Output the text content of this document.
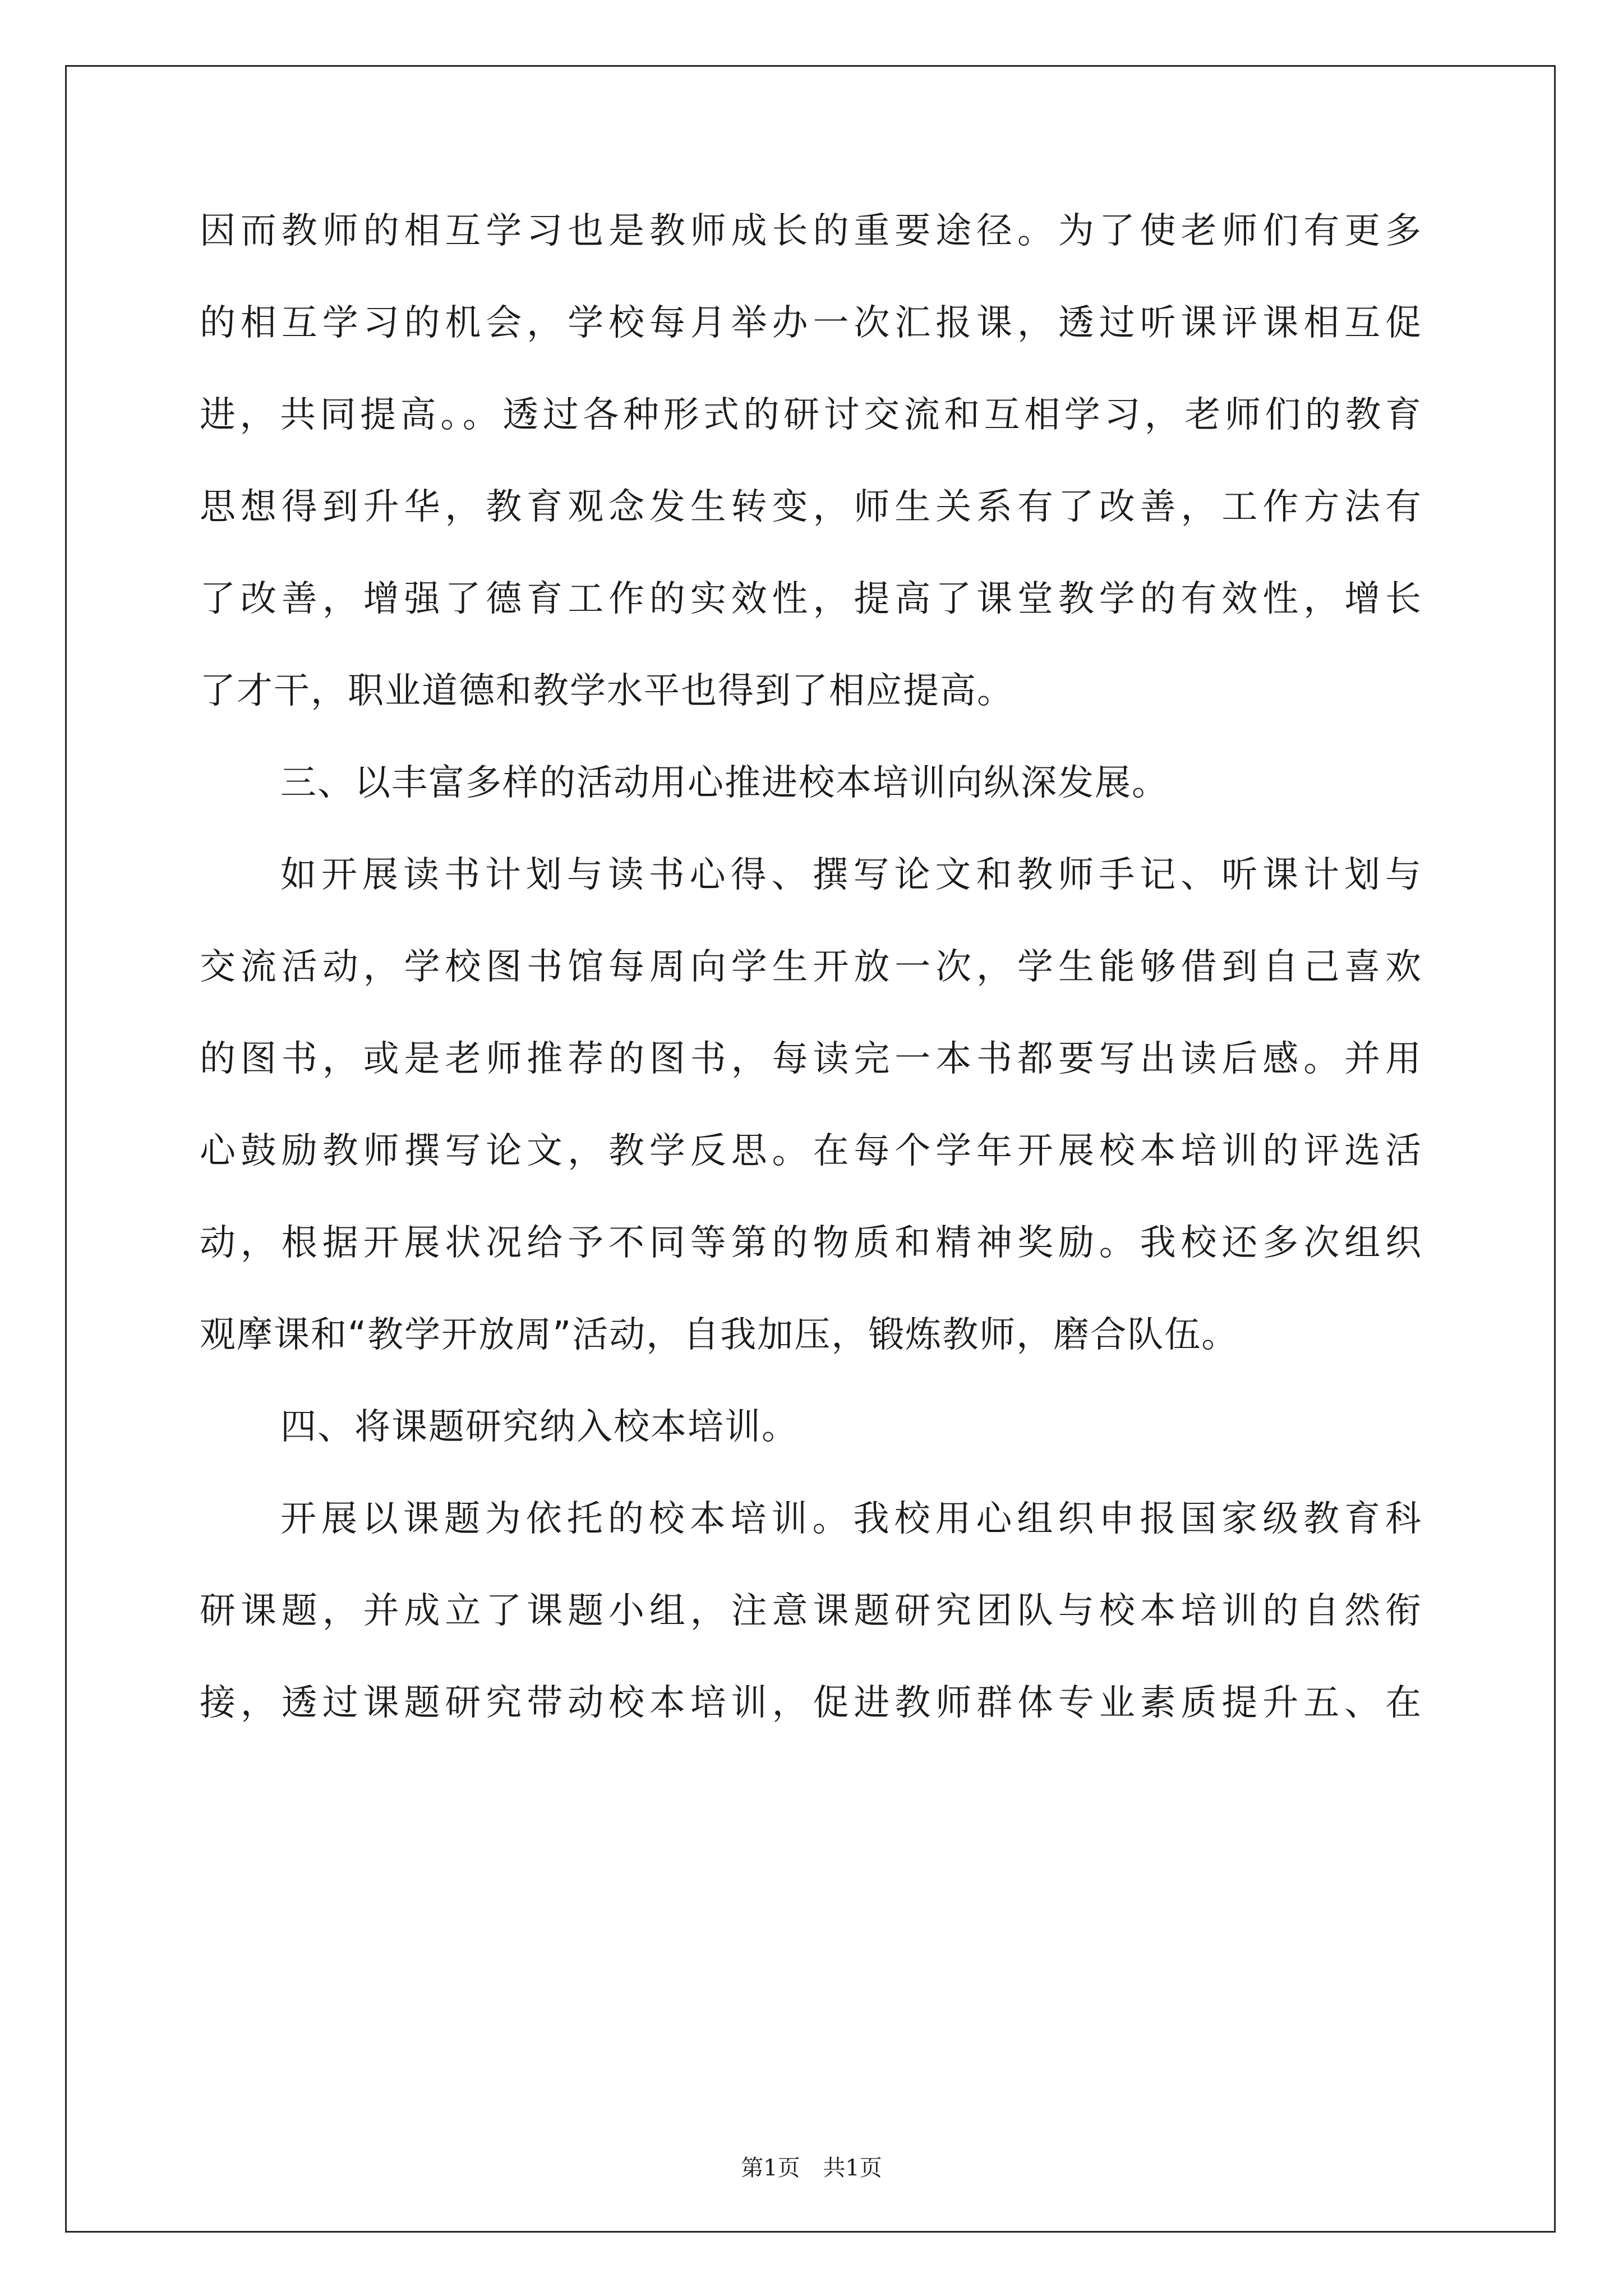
因而教师的相互学习也是教师成长的重要途径。为了使老师们有更多
的相互学习的机会，学校每月举办一次汇报课，透过听课评课相互促
进，共同提高。。透过各种形式的研讨交流和互相学习，老师们的教育
思想得到升华，教育观念发生转变，师生关系有了改善，工作方法有
了改善，增强了德育工作的实效性，提高了课堂教学的有效性，增长
了才干，职业道德和教学水平也得到了相应提高。
三、以丰富多样的活动用心推进校本培训向纵深发展。
如开展读书计划与读书心得、撰写论文和教师手记、听课计划与
交流活动，学校图书馆每周向学生开放一次，学生能够借到自己喜欢
的图书，或是老师推荐的图书，每读完一本书都要写出读后感。并用
心鼓励教师撰写论文，教学反思。在每个学年开展校本培训的评选活
动，根据开展状况给予不同等第的物质和精神奖励。我校还多次组织
观摩课和“教学开放周”活动，自我加压，锻炼教师，磨合队伍。
四、将课题研究纳入校本培训。
开展以课题为依托的校本培训。我校用心组织申报国家级教育科
研课题，并成立了课题小组，注意课题研究团队与校本培训的自然衔
接，透过课题研究带动校本培训，促进教师群体专业素质提升五、在
第1页 共1页
